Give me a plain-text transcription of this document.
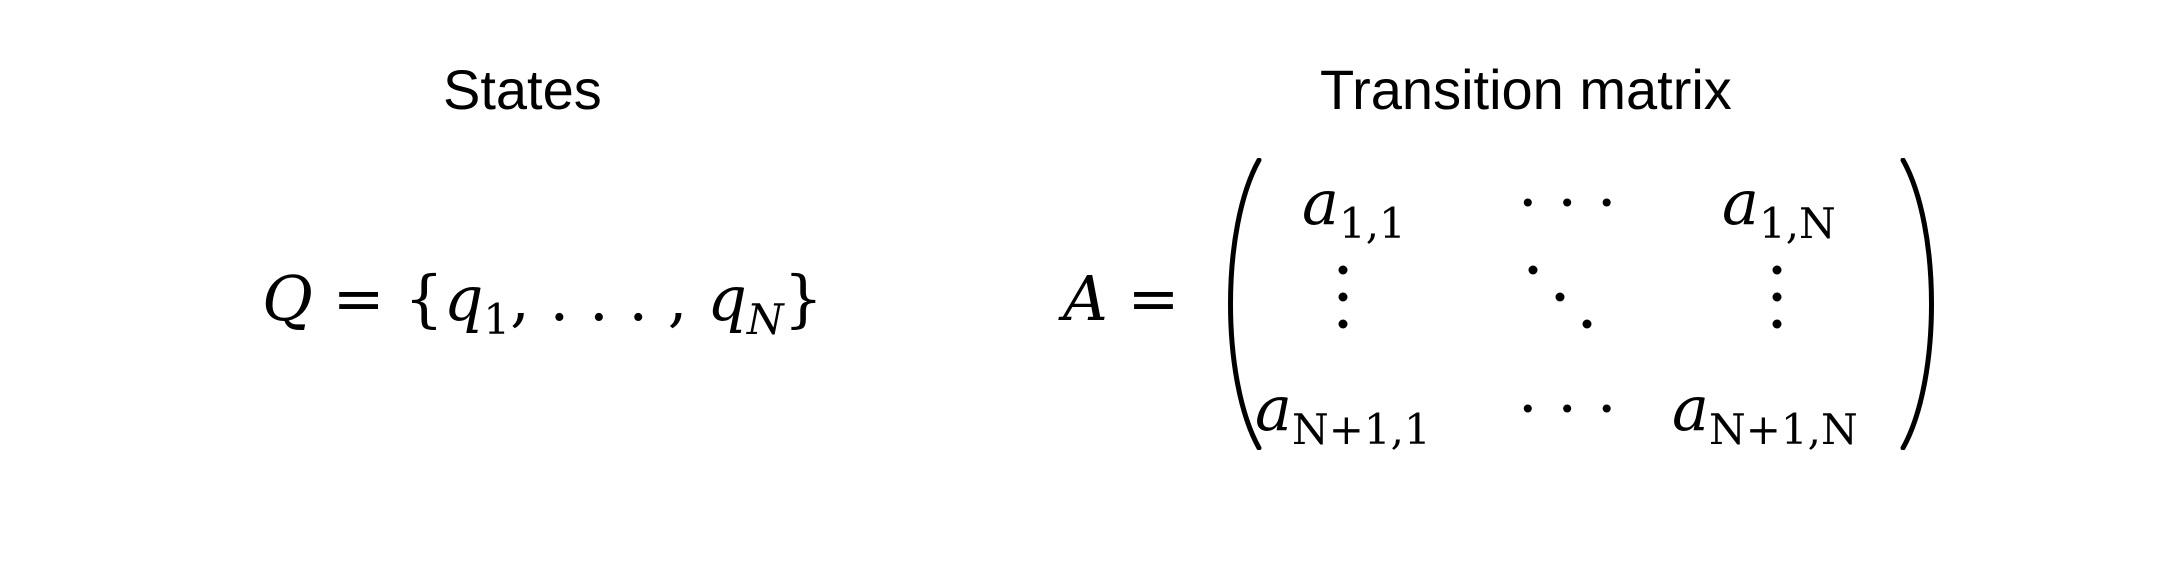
States	Transition matrix
$Q = \{q_1$, . . . , $q_N$}	A =
$a_{1,1}$ · · · $a_{1,N}$
$a_{N+1,1}$ · · · $a_{N+1,N}$
